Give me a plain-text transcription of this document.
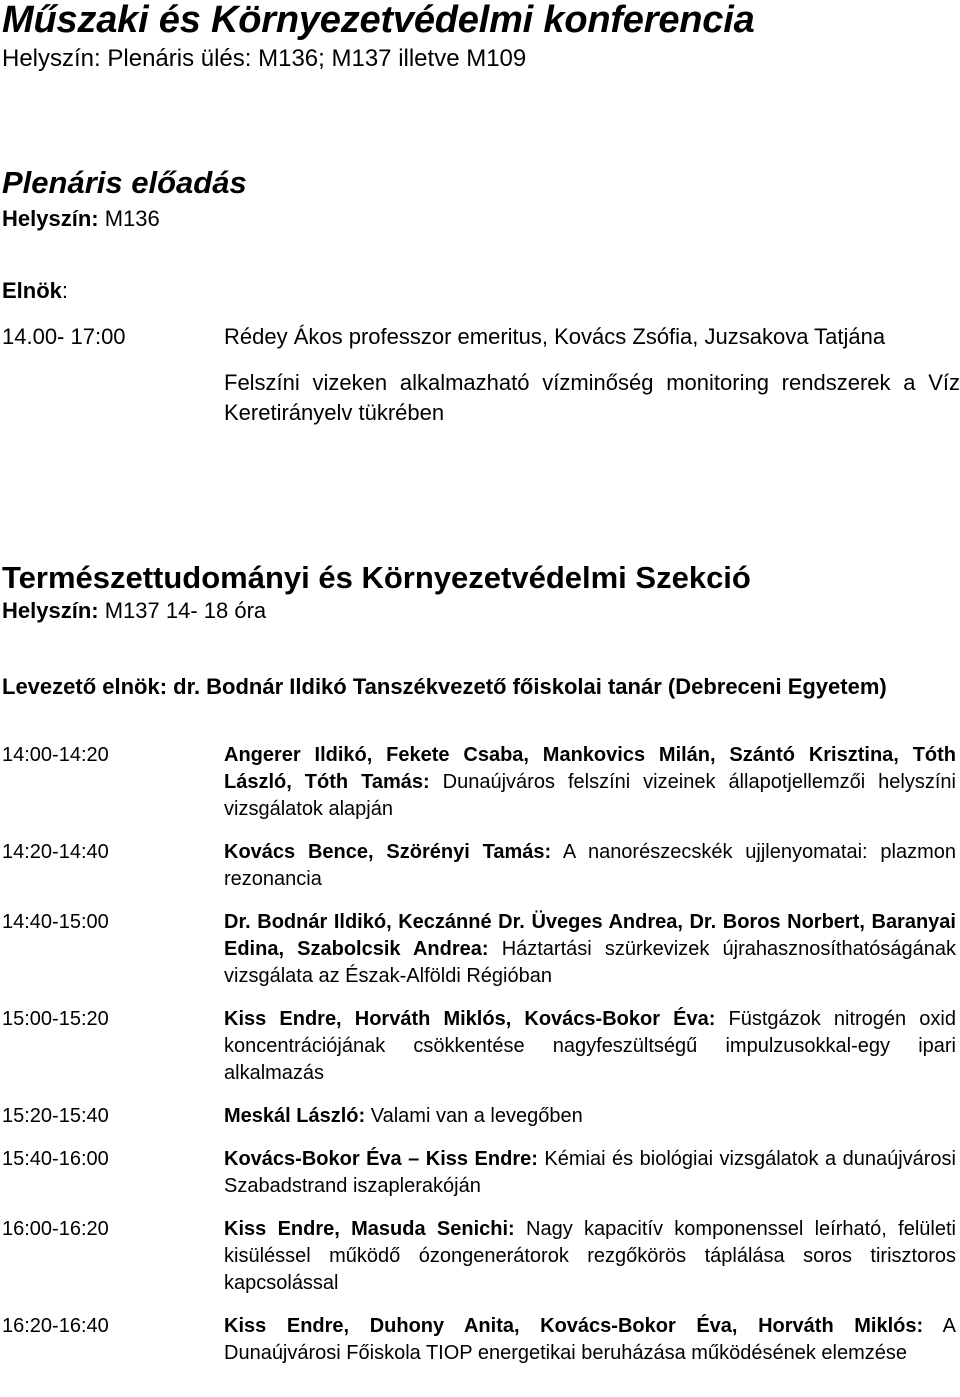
Műszaki és Környezetvédelmi konferencia
Helyszín: Plenáris ülés: M136; M137 illetve M109
Plenáris előadás
Helyszín: M136
Elnök:
14.00- 17:00	Rédey Ákos professzor emeritus, Kovács Zsófia, Juzsakova Tatjána
Felszíni vizeken alkalmazható vízminőség monitoring rendszerek a Víz Keretirányelv tükrében
Természettudományi és Környezetvédelmi Szekció
Helyszín: M137 14- 18 óra
Levezető elnök: dr. Bodnár Ildikó Tanszékvezető főiskolai tanár (Debreceni Egyetem)
14:00-14:20	Angerer Ildikó, Fekete Csaba, Mankovics Milán, Szántó Krisztina, Tóth László, Tóth Tamás: Dunaújváros felszíni vizeinek állapotjellemzői helyszíni vizsgálatok alapján
14:20-14:40	Kovács Bence, Szörényi Tamás: A nanorészecskék ujjlenyomatai: plazmon rezonancia
14:40-15:00	Dr. Bodnár Ildikó, Keczánné Dr. Üveges Andrea, Dr. Boros Norbert, Baranyai Edina, Szabolcsik Andrea: Háztartási szürkevizek újrahasznosíthatóságának vizsgálata az Észak-Alföldi Régióban
15:00-15:20	Kiss Endre, Horváth Miklós, Kovács-Bokor Éva: Füstgázok nitrogén oxid koncentrációjának csökkentése nagyfeszültségű impulzusokkal-egy ipari alkalmazás
15:20-15:40	Meskál László: Valami van a levegőben
15:40-16:00	Kovács-Bokor Éva – Kiss Endre: Kémiai és biológiai vizsgálatok a dunaújvárosi Szabadstrand iszaplerakóján
16:00-16:20	Kiss Endre, Masuda Senichi: Nagy kapacitív komponenssel leírható, felületi kisüléssel működő ózongenerátorok rezgőkörös táplálása soros tirisztoros kapcsolással
16:20-16:40	Kiss Endre, Duhony Anita, Kovács-Bokor Éva, Horváth Miklós: A Dunaújvárosi Főiskola TIOP energetikai beruházása működésének elemzése
